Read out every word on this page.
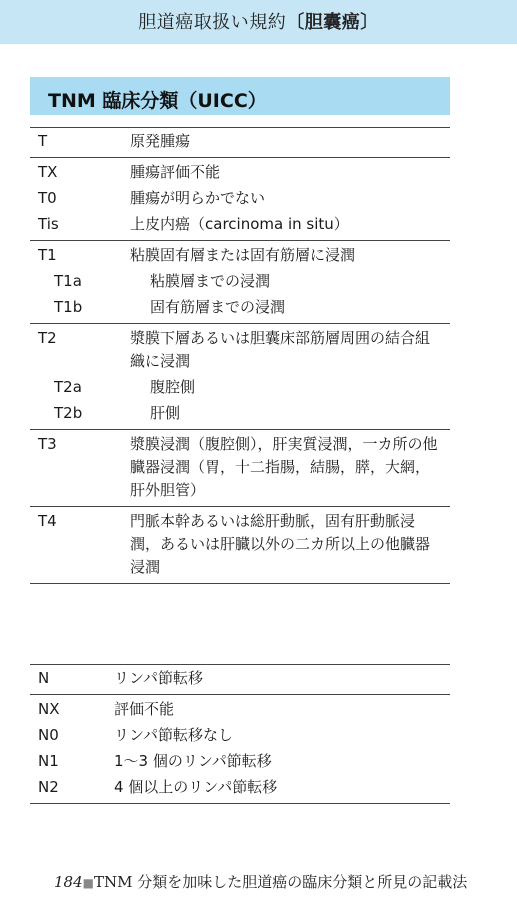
胆道癌取扱い規約〔胆囊癌〕
TNM 臨床分類（UICC）
T	原発腫瘍
TX	腫瘍評価不能
T0	腫瘍が明らかでない
Tis	上皮内癌（carcinoma in situ）
T1	粘膜固有層または固有筋層に浸潤
T1a	粘膜層までの浸潤
T1b	固有筋層までの浸潤
T2	漿膜下層あるいは胆囊床部筋層周囲の結合組織に浸潤
T2a	腹腔側
T2b	肝側
T3	漿膜浸潤（腹腔側），肝実質浸潤，一カ所の他臓器浸潤（胃，十二指腸，結腸，膵，大網，肝外胆管）
T4	門脈本幹あるいは総肝動脈，固有肝動脈浸潤，あるいは肝臓以外の二カ所以上の他臓器浸潤
N	リンパ節転移
NX	評価不能
N0	リンパ節転移なし
N1	1〜3 個のリンパ節転移
N2	4 個以上のリンパ節転移
184■TNM 分類を加味した胆道癌の臨床分類と所見の記載法
